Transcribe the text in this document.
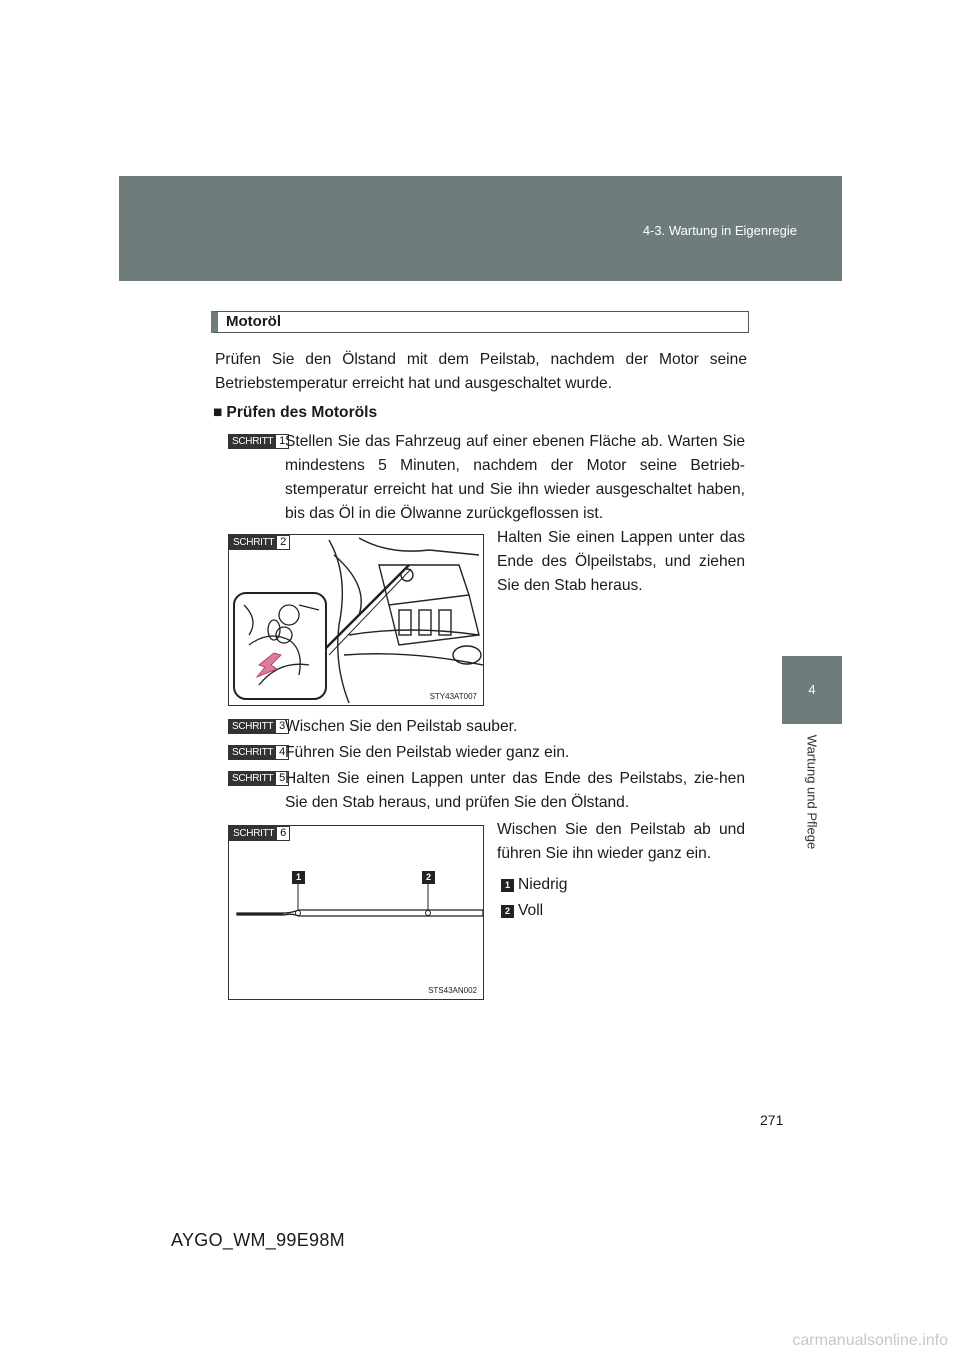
4-3. Wartung in Eigenregie
4
Wartung und Pflege
Motoröl

Prüfen Sie den Ölstand mit dem Peilstab, nachdem der Motor seine Betriebstemperatur erreicht hat und ausgeschaltet wurde.

■ Prüfen des Motoröls
SCHRITT 1 Stellen Sie das Fahrzeug auf einer ebenen Fläche ab. Warten Sie mindestens 5 Minuten, nachdem der Motor seine Betrieb-stemperatur erreicht hat und Sie ihn wieder ausgeschaltet haben, bis das Öl in die Ölwanne zurückgeflossen ist.

STY43AT007
SCHRITT 2	Halten Sie einen Lappen unter das Ende des Ölpeilstabs, und ziehen Sie den Stab heraus.

SCHRITT 3 Wischen Sie den Peilstab sauber.

SCHRITT 4 Führen Sie den Peilstab wieder ganz ein.

SCHRITT 5 Halten Sie einen Lappen unter das Ende des Peilstabs, zie-hen Sie den Stab heraus, und prüfen Sie den Ölstand.

1	2
STS43AN002
SCHRITT 6	Wischen Sie den Peilstab ab und führen Sie ihn wieder ganz ein.

1 Niedrig
2 Voll
271
AYGO_WM_99E98M
carmanualsonline.info
